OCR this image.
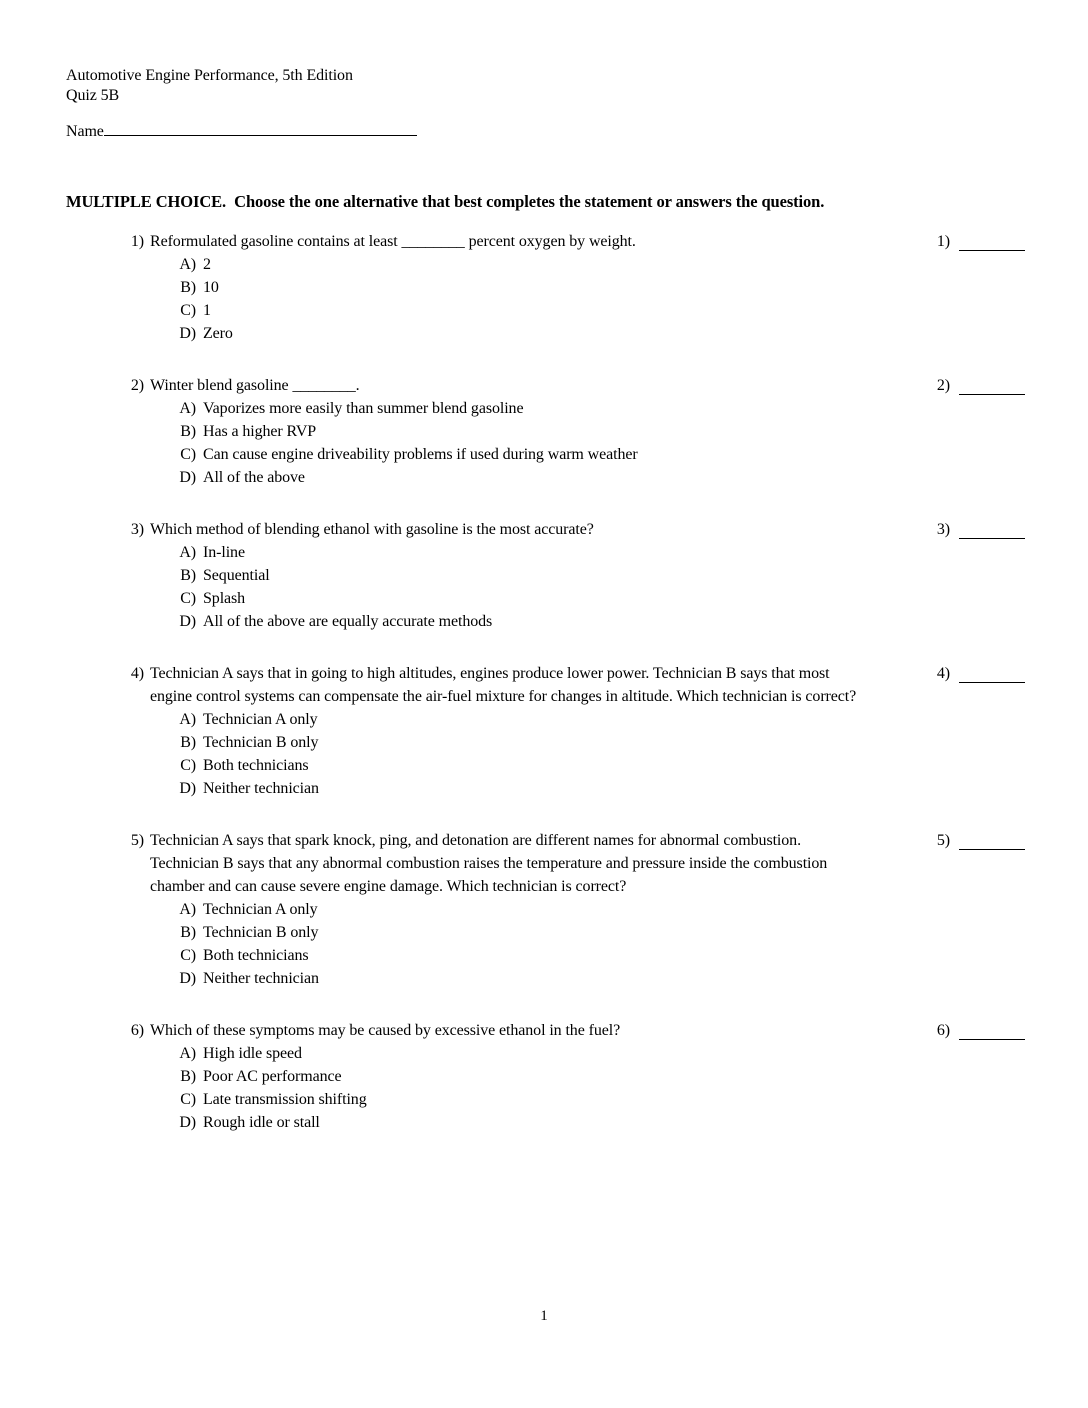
Automotive Engine Performance, 5th Edition
Quiz 5B
Name
MULTIPLE CHOICE.  Choose the one alternative that best completes the statement or answers the question.
1) Reformulated gasoline contains at least ________ percent oxygen by weight.
A) 2
B) 10
C) 1
D) Zero
1)
2) Winter blend gasoline ________.
A) Vaporizes more easily than summer blend gasoline
B) Has a higher RVP
C) Can cause engine driveability problems if used during warm weather
D) All of the above
2)
3) Which method of blending ethanol with gasoline is the most accurate?
A) In-line
B) Sequential
C) Splash
D) All of the above are equally accurate methods
3)
4) Technician A says that in going to high altitudes, engines produce lower power. Technician B says that most engine control systems can compensate the air-fuel mixture for changes in altitude. Which technician is correct?
A) Technician A only
B) Technician B only
C) Both technicians
D) Neither technician
4)
5) Technician A says that spark knock, ping, and detonation are different names for abnormal combustion. Technician B says that any abnormal combustion raises the temperature and pressure inside the combustion chamber and can cause severe engine damage. Which technician is correct?
A) Technician A only
B) Technician B only
C) Both technicians
D) Neither technician
5)
6) Which of these symptoms may be caused by excessive ethanol in the fuel?
A) High idle speed
B) Poor AC performance
C) Late transmission shifting
D) Rough idle or stall
6)
1
